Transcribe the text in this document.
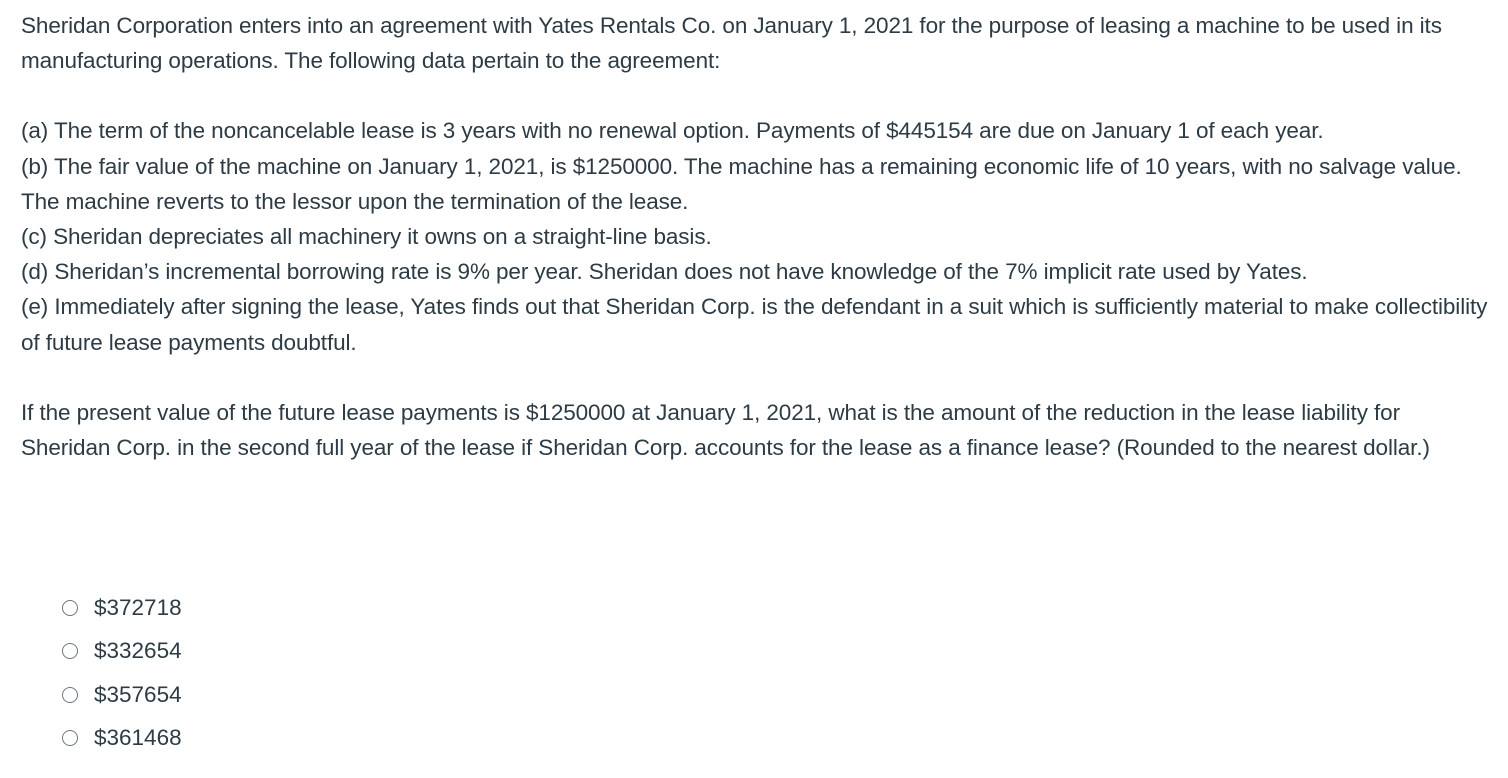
Sheridan Corporation enters into an agreement with Yates Rentals Co. on January 1, 2021 for the purpose of leasing a machine to be used in its manufacturing operations. The following data pertain to the agreement:

(a) The term of the noncancelable lease is 3 years with no renewal option. Payments of $445154 are due on January 1 of each year.

(b) The fair value of the machine on January 1, 2021, is $1250000. The machine has a remaining economic life of 10 years, with no salvage value. The machine reverts to the lessor upon the termination of the lease.

(c) Sheridan depreciates all machinery it owns on a straight-line basis.

(d) Sheridan’s incremental borrowing rate is 9% per year. Sheridan does not have knowledge of the 7% implicit rate used by Yates.

(e) Immediately after signing the lease, Yates finds out that Sheridan Corp. is the defendant in a suit which is sufficiently material to make collectibility of future lease payments doubtful.

If the present value of the future lease payments is $1250000 at January 1, 2021, what is the amount of the reduction in the lease liability for Sheridan Corp. in the second full year of the lease if Sheridan Corp. accounts for the lease as a finance lease? (Rounded to the nearest dollar.)

$372718
$332654
$357654
$361468
